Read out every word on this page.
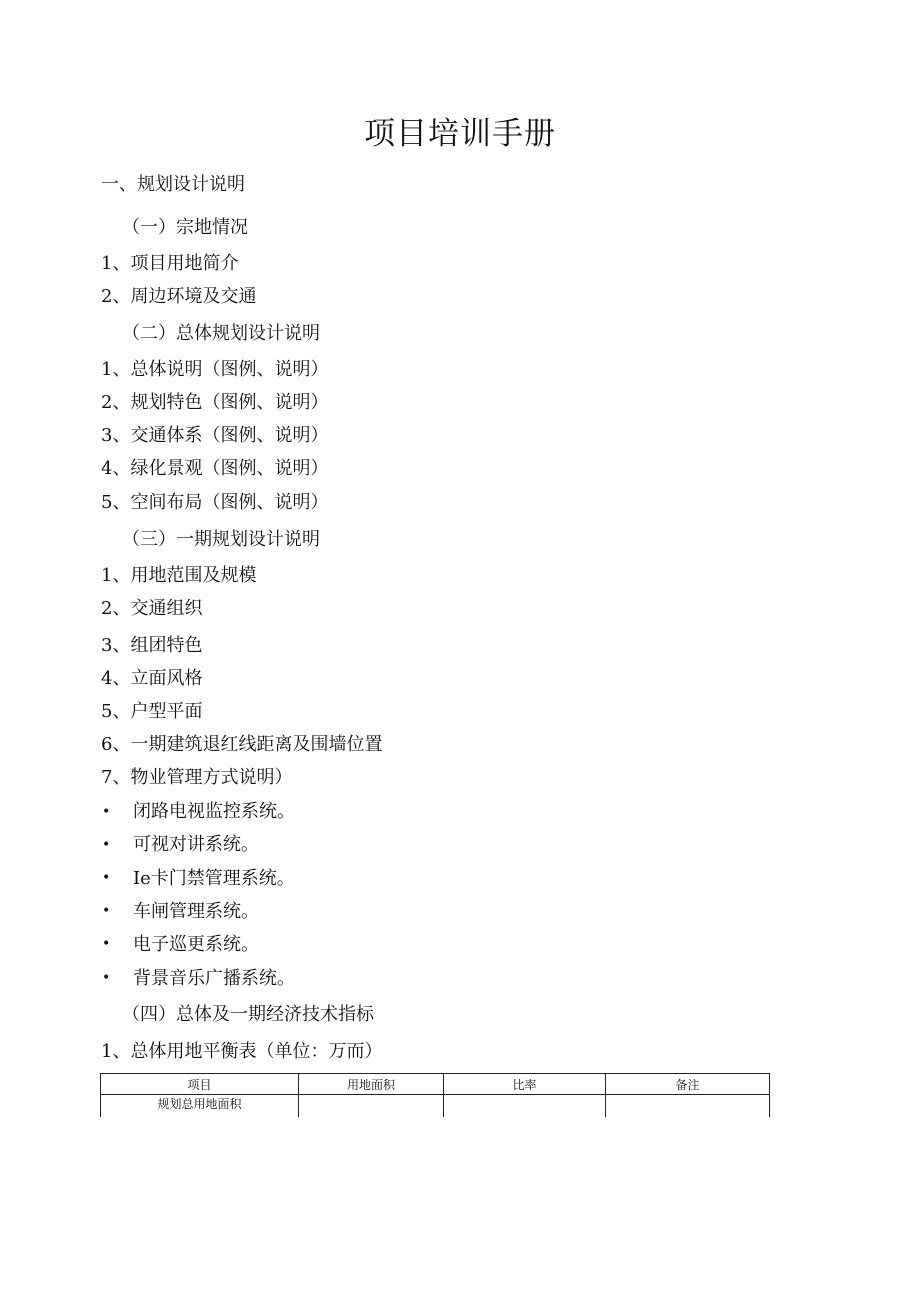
项目培训手册
一、规划设计说明
（一）宗地情况
1、项目用地简介
2、周边环境及交通
（二）总体规划设计说明
1、总体说明（图例、说明）
2、规划特色（图例、说明）
3、交通体系（图例、说明）
4、绿化景观（图例、说明）
5、空间布局（图例、说明）
（三）一期规划设计说明
1、用地范围及规模
2、交通组织
3、组团特色
4、立面风格
5、户型平面
6、一期建筑退红线距离及围墙位置
7、物业管理方式说明）
• 闭路电视监控系统。
• 可视对讲系统。
• Ie卡门禁管理系统。
• 车闸管理系统。
• 电子巡更系统。
• 背景音乐广播系统。
（四）总体及一期经济技术指标
1、总体用地平衡表（单位：万而）
项目	用地面积	比率	备注
规划总用地面积			
